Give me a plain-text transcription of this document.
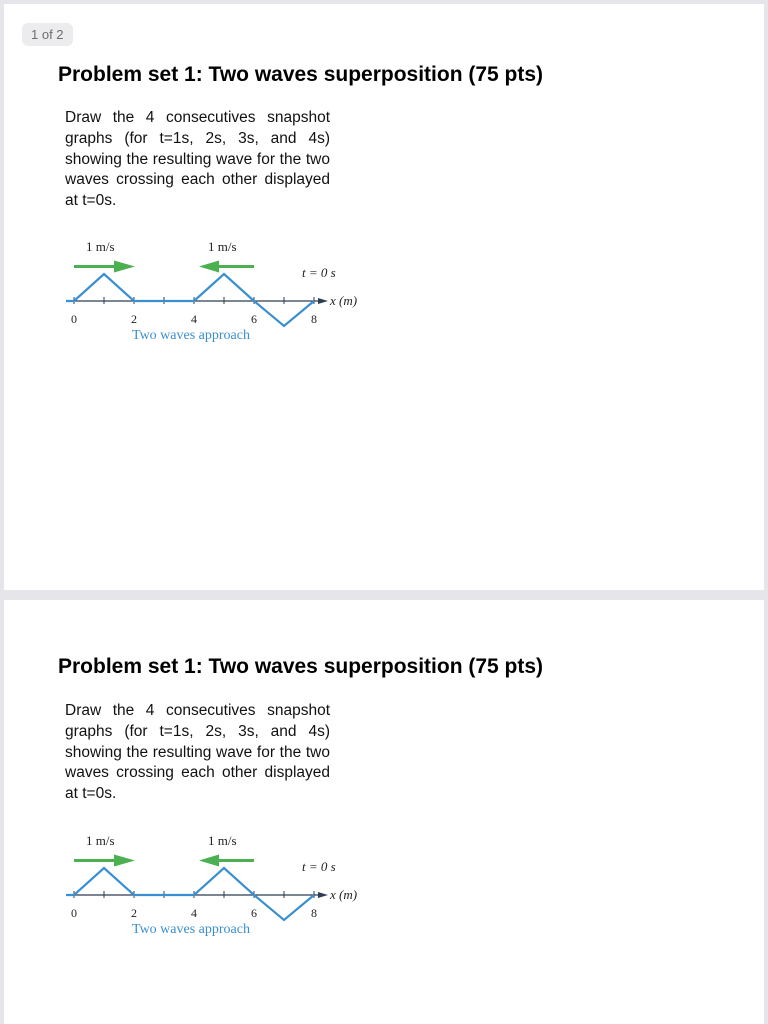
1 of 2
Problem set 1: Two waves superposition (75 pts)

Draw the 4 consecutives snapshot graphs (for t=1s, 2s, 3s, and 4s) showing the resulting wave for the two waves crossing each other displayed at t=0s.

1 m/s	1 m/s
t = 0 s
x (m)
0	2	4	6	8
Two waves approach
Problem set 1: Two waves superposition (75 pts)

Draw the 4 consecutives snapshot graphs (for t=1s, 2s, 3s, and 4s) showing the resulting wave for the two waves crossing each other displayed at t=0s.

1 m/s	1 m/s
t = 0 s
x (m)
0	2	4	6	8
Two waves approach
